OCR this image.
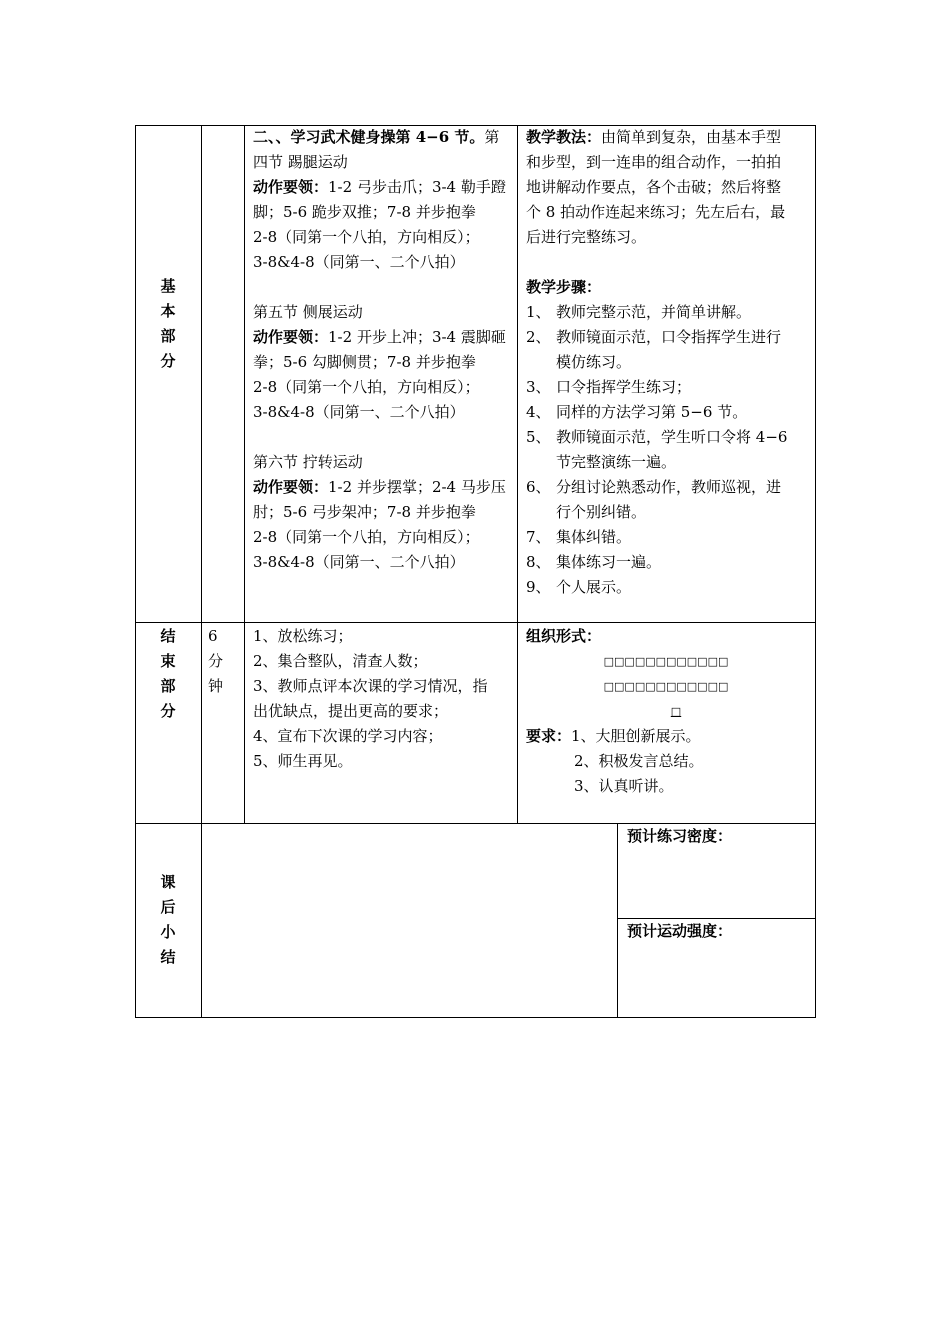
基
本
部
分
二、、学习武术健身操第 4−6 节。第
四节 踢腿运动
动作要领：1-2 弓步击爪；3-4 勒手蹬
脚；5-6 跪步双推；7-8 并步抱拳
2-8（同第一个八拍，方向相反）；
3-8&4-8（同第一、二个八拍）

第五节 侧展运动
动作要领：1-2 开步上冲；3-4 震脚砸
拳；5-6 勾脚侧贯；7-8 并步抱拳
2-8（同第一个八拍，方向相反）；
3-8&4-8（同第一、二个八拍）

第六节 拧转运动
动作要领：1-2 并步摆掌；2-4 马步压
肘；5-6 弓步架冲；7-8 并步抱拳
2-8（同第一个八拍，方向相反）；
3-8&4-8（同第一、二个八拍）
教学教法：由简单到复杂，由基本手型
和步型，到一连串的组合动作，一拍拍
地讲解动作要点，各个击破；然后将整
个 8 拍动作连起来练习；先左后右，最
后进行完整练习。

教学步骤：
1、 教师完整示范，并简单讲解。
2、 教师镜面示范，口令指挥学生进行
模仿练习。
3、 口令指挥学生练习；
4、 同样的方法学习第 5−6 节。
5、 教师镜面示范，学生听口令将 4−6
节完整演练一遍。
6、 分组讨论熟悉动作，教师巡视，进
行个别纠错。
7、 集体纠错。
8、 集体练习一遍。
9、 个人展示。
结
束
部
分
6
分
钟
1、放松练习；
2、集合整队，清查人数；
3、教师点评本次课的学习情况，指
出优缺点，提出更高的要求；
4、宣布下次课的学习内容；
5、师生再见。
组织形式：
□□□□□□□□□□□□
□□□□□□□□□□□□
□
要求：1、大胆创新展示。
2、积极发言总结。
3、认真听讲。
课
后
小
结
预计练习密度：
预计运动强度：
